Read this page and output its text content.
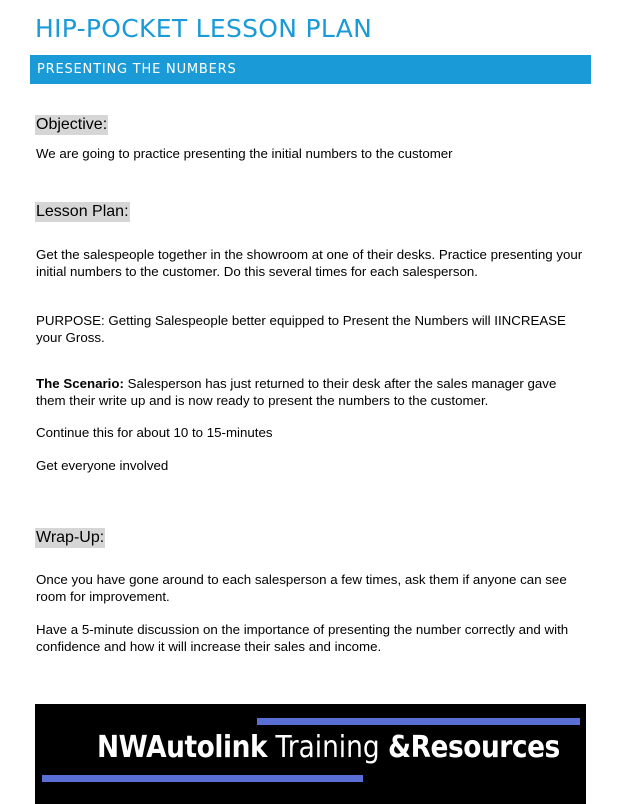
HIP-POCKET LESSON PLAN
PRESENTING THE NUMBERS
Objective:
We are going to practice presenting the initial numbers to the customer
Lesson Plan:
Get the salespeople together in the showroom at one of their desks. Practice presenting your initial numbers to the customer. Do this several times for each salesperson.
PURPOSE: Getting Salespeople better equipped to Present the Numbers will IINCREASE your Gross.
The Scenario: Salesperson has just returned to their desk after the sales manager gave them their write up and is now ready to present the numbers to the customer.
Continue this for about 10 to 15-minutes
Get everyone involved
Wrap-Up:
Once you have gone around to each salesperson a few times, ask them if anyone can see room for improvement.
Have a 5-minute discussion on the importance of presenting the number correctly and with confidence and how it will increase their sales and income.
NWAutolink Training &Resources
